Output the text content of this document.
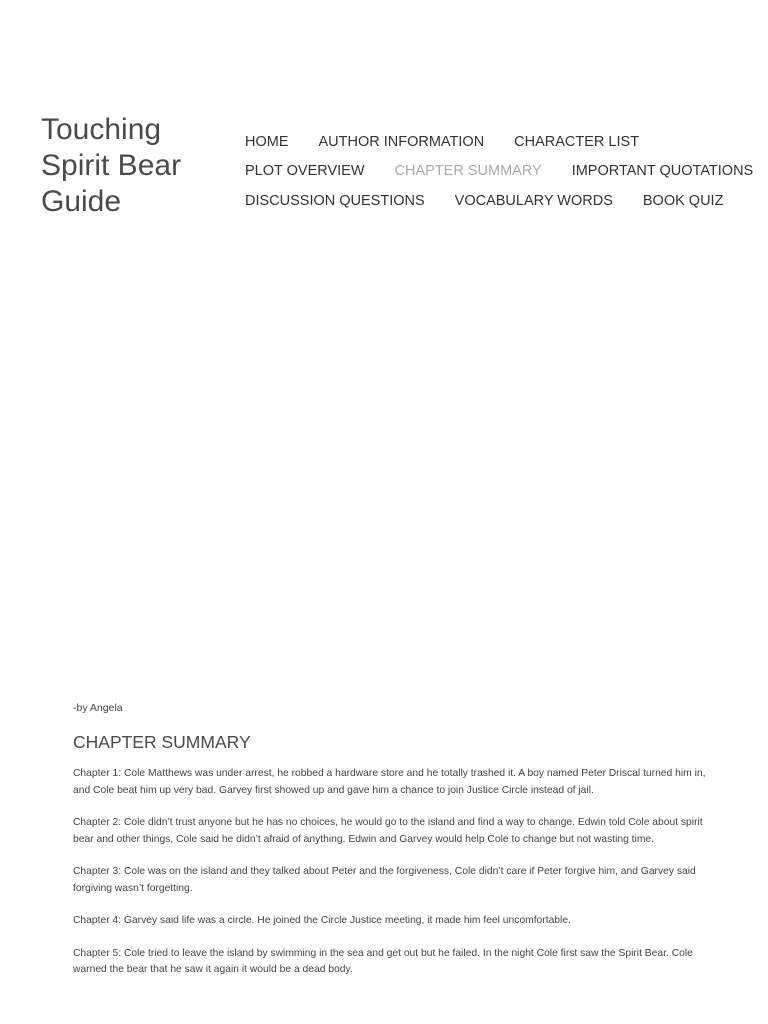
Touching Spirit Bear Guide
HOME AUTHOR INFORMATION CHARACTER LIST
PLOT OVERVIEW CHAPTER SUMMARY IMPORTANT QUOTATIONS
DISCUSSION QUESTIONS VOCABULARY WORDS BOOK QUIZ

-by Angela

CHAPTER SUMMARY

Chapter 1: Cole Matthews was under arrest, he robbed a hardware store and he totally trashed it. A boy named Peter Driscal turned him in, and Cole beat him up very bad. Garvey first showed up and gave him a chance to join Justice Circle instead of jail.

Chapter 2: Cole didn’t trust anyone but he has no choices, he would go to the island and find a way to change. Edwin told Cole about spirit bear and other things, Cole said he didn’t afraid of anything. Edwin and Garvey would help Cole to change but not wasting time.

Chapter 3: Cole was on the island and they talked about Peter and the forgiveness, Cole didn’t care if Peter forgive him, and Garvey said forgiving wasn’t forgetting.

Chapter 4: Garvey said life was a circle. He joined the Circle Justice meeting, it made him feel uncomfortable.

Chapter 5: Cole tried to leave the island by swimming in the sea and get out but he failed. In the night Cole first saw the Spirit Bear. Cole warned the bear that he saw it again it would be a dead body.
